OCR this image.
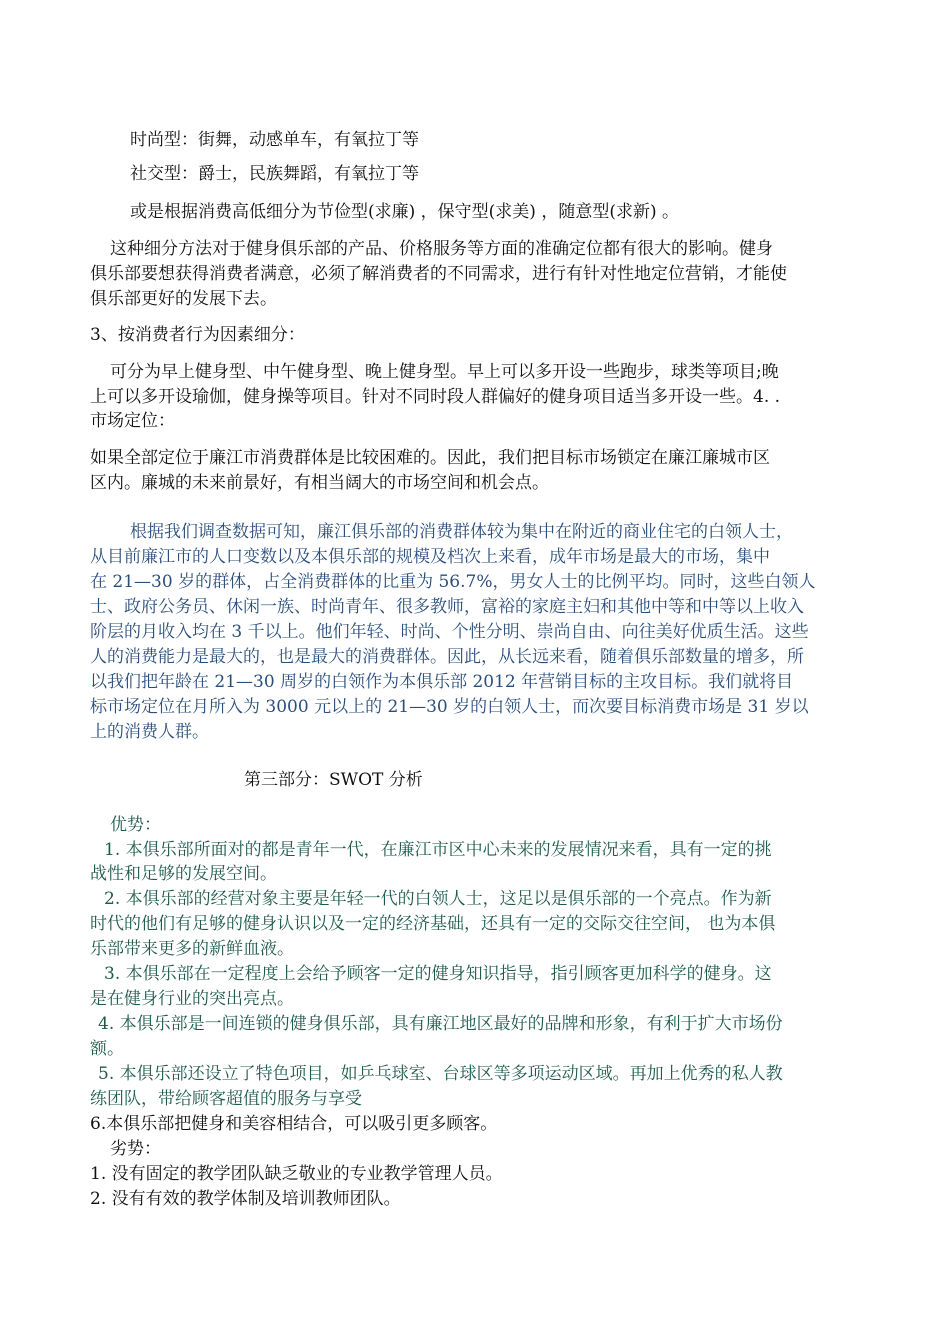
时尚型：街舞，动感单车，有氧拉丁等
社交型：爵士，民族舞蹈，有氧拉丁等
或是根据消费高低细分为节俭型(求廉) ，保守型(求美) ，随意型(求新) 。
这种细分方法对于健身俱乐部的产品、价格服务等方面的准确定位都有很大的影响。健身
俱乐部要想获得消费者满意，必须了解消费者的不同需求，进行有针对性地定位营销，才能使
俱乐部更好的发展下去。
3、按消费者行为因素细分：
可分为早上健身型、中午健身型、晚上健身型。早上可以多开设一些跑步，球类等项目;晚
上可以多开设瑜伽，健身操等项目。针对不同时段人群偏好的健身项目适当多开设一些。4. .
市场定位：
如果全部定位于廉江市消费群体是比较困难的。因此，我们把目标市场锁定在廉江廉城市区
区内。廉城的未来前景好，有相当阔大的市场空间和机会点。
根据我们调查数据可知，廉江俱乐部的消费群体较为集中在附近的商业住宅的白领人士，
从目前廉江市的人口变数以及本俱乐部的规模及档次上来看，成年市场是最大的市场，集中
在 21—30 岁的群体，占全消费群体的比重为 56.7%，男女人士的比例平均。同时，这些白领人
士、政府公务员、休闲一族、时尚青年、很多教师，富裕的家庭主妇和其他中等和中等以上收入
阶层的月收入均在 3 千以上。他们年轻、时尚、个性分明、崇尚自由、向往美好优质生活。这些
人的消费能力是最大的，也是最大的消费群体。因此，从长远来看，随着俱乐部数量的增多，所
以我们把年龄在 21—30 周岁的白领作为本俱乐部 2012 年营销目标的主攻目标。我们就将目
标市场定位在月所入为 3000 元以上的 21—30 岁的白领人士，而次要目标消费市场是 31 岁以
上的消费人群。
第三部分：SWOT 分析
优势：
1. 本俱乐部所面对的都是青年一代，在廉江市区中心未来的发展情况来看，具有一定的挑
战性和足够的发展空间。
2. 本俱乐部的经营对象主要是年轻一代的白领人士，这足以是俱乐部的一个亮点。作为新
时代的他们有足够的健身认识以及一定的经济基础，还具有一定的交际交往空间， 也为本俱
乐部带来更多的新鲜血液。
3. 本俱乐部在一定程度上会给予顾客一定的健身知识指导，指引顾客更加科学的健身。这
是在健身行业的突出亮点。
4. 本俱乐部是一间连锁的健身俱乐部，具有廉江地区最好的品牌和形象，有利于扩大市场份
额。
5. 本俱乐部还设立了特色项目，如乒乓球室、台球区等多项运动区域。再加上优秀的私人教
练团队，带给顾客超值的服务与享受
6.本俱乐部把健身和美容相结合，可以吸引更多顾客。
劣势：
1. 没有固定的教学团队缺乏敬业的专业教学管理人员。
2. 没有有效的教学体制及培训教师团队。
